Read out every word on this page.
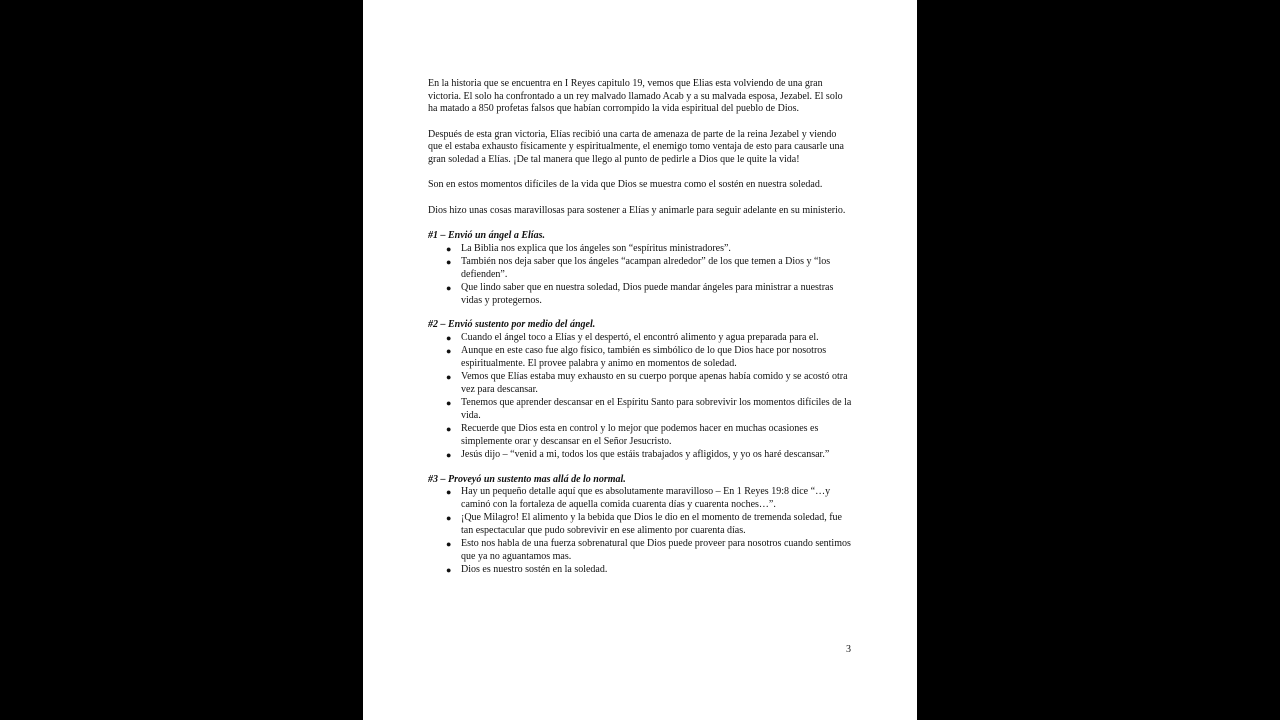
En la historia que se encuentra en I Reyes capitulo 19, vemos que Elias esta volviendo de una gran victoria. El solo ha confrontado a un rey malvado llamado Acab y a su malvada esposa, Jezabel. El solo ha matado a 850 profetas falsos que habían corrompido la vida espiritual del pueblo de Dios.

Después de esta gran victoria, Elías recibió una carta de amenaza de parte de la reina Jezabel y viendo que el estaba exhausto físicamente y espiritualmente, el enemigo tomo ventaja de esto para causarle una gran soledad a Elías. ¡De tal manera que llego al punto de pedirle a Dios que le quite la vida!

Son en estos momentos difíciles de la vida que Dios se muestra como el sostén en nuestra soledad.

Dios hizo unas cosas maravillosas para sostener a Elías y animarle para seguir adelante en su ministerio.

#1 – Envió un ángel a Elías.

● La Biblia nos explica que los ángeles son “espíritus ministradores”.
● También nos deja saber que los ángeles “acampan alrededor” de los que temen a Dios y “los defienden”.
● Que lindo saber que en nuestra soledad, Dios puede mandar ángeles para ministrar a nuestras vidas y protegernos.

#2 – Envió sustento por medio del ángel.

● Cuando el ángel toco a Elías y el despertó, el encontró alimento y agua preparada para el.
● Aunque en este caso fue algo físico, también es simbólico de lo que Dios hace por nosotros espiritualmente. El provee palabra y animo en momentos de soledad.
● Vemos que Elías estaba muy exhausto en su cuerpo porque apenas había comido y se acostó otra vez para descansar.
● Tenemos que aprender descansar en el Espíritu Santo para sobrevivir los momentos difíciles de la vida.
● Recuerde que Dios esta en control y lo mejor que podemos hacer en muchas ocasiones es simplemente orar y descansar en el Señor Jesucristo.
● Jesús dijo – “venid a mi, todos los que estáis trabajados y afligidos, y yo os haré descansar.”

#3 – Proveyó un sustento mas allá de lo normal.

● Hay un pequeño detalle aquí que es absolutamente maravilloso – En 1 Reyes 19:8 dice “…y caminó con la fortaleza de aquella comida cuarenta días y cuarenta noches…”.
● ¡Que Milagro! El alimento y la bebida que Dios le dio en el momento de tremenda soledad, fue tan espectacular que pudo sobrevivir en ese alimento por cuarenta días.
● Esto nos habla de una fuerza sobrenatural que Dios puede proveer para nosotros cuando sentimos que ya no aguantamos mas.
● Dios es nuestro sostén en la soledad.
3
